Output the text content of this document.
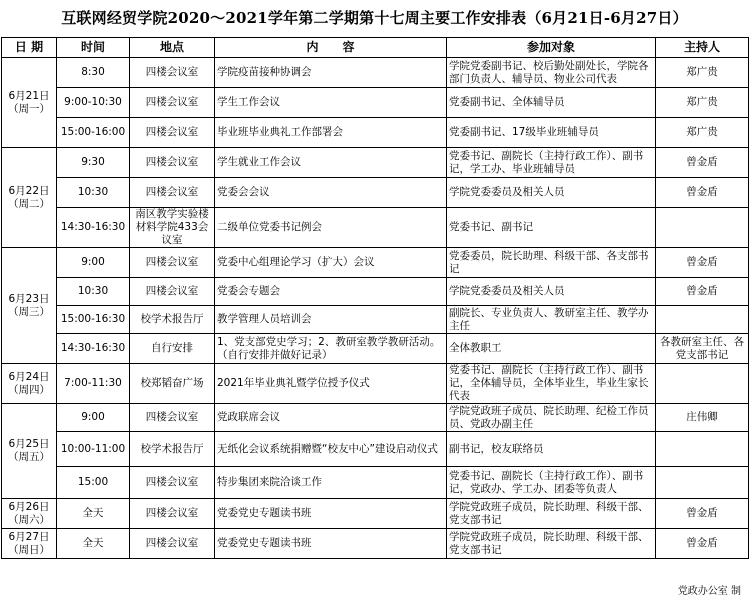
互联网经贸学院2020～2021学年第二学期第十七周主要工作安排表（6月21日-6月27日）
日 期	时间	地点	内　　容	参加对象	主持人

6月21日
（周一）	8:30	四楼会议室	学院疫苗接种协调会	学院党委副书记、校后勤处副处长，学院各部门负责人、辅导员、物业公司代表	郑广贵
	9:00-10:30	四楼会议室	学生工作会议	党委副书记、全体辅导员	郑广贵
	15:00-16:00	四楼会议室	毕业班毕业典礼工作部署会	党委副书记、17级毕业班辅导员	郑广贵

6月22日
（周二）	9:30	四楼会议室	学生就业工作会议	党委书记、副院长（主持行政工作）、副书记，学工办、毕业班辅导员	曾金盾
	10:30	四楼会议室	党委会会议	学院党委委员及相关人员	曾金盾
	14:30-16:30	南区教学实验楼材料学院433会议室	二级单位党委书记例会	党委书记、副书记	

6月23日
（周三）	9:00	四楼会议室	党委中心组理论学习（扩大）会议	党委委员，院长助理、科级干部、各支部书记	曾金盾
	10:30	四楼会议室	党委会专题会	学院党委委员及相关人员	曾金盾
	15:00-16:30	校学术报告厅	教学管理人员培训会	副院长、专业负责人、教研室主任、教学办主任	
	14:30-16:30	自行安排	1、党支部党史学习；2、教研室教学教研活动。（自行安排并做好记录）	全体教职工	各教研室主任、各党支部书记

6月24日
（周四）	7:00-11:30	校郑韬奋广场	2021年毕业典礼暨学位授予仪式	党委书记、副院长（主持行政工作）、副书记，全体辅导员，全体毕业生，毕业生家长代表	

6月25日
（周五）	9:00	四楼会议室	党政联席会议	学院党政班子成员、院长助理、纪检工作员员、党政办副主任	庄伟卿
	10:00-11:00	校学术报告厅	无纸化会议系统捐赠暨“校友中心”建设启动仪式	副书记，校友联络员	
	15:00	四楼会议室	特步集团来院洽谈工作	党委书记、副院长（主持行政工作）、副书记，党政办、学工办、团委等负责人	

6月26日
（周六）	全天	四楼会议室	党委党史专题读书班	学院党政班子成员，院长助理、科级干部、党支部书记	曾金盾

6月27日
（周日）	全天	四楼会议室	党委党史专题读书班	学院党政班子成员，院长助理、科级干部、党支部书记	曾金盾
党政办公室 制
